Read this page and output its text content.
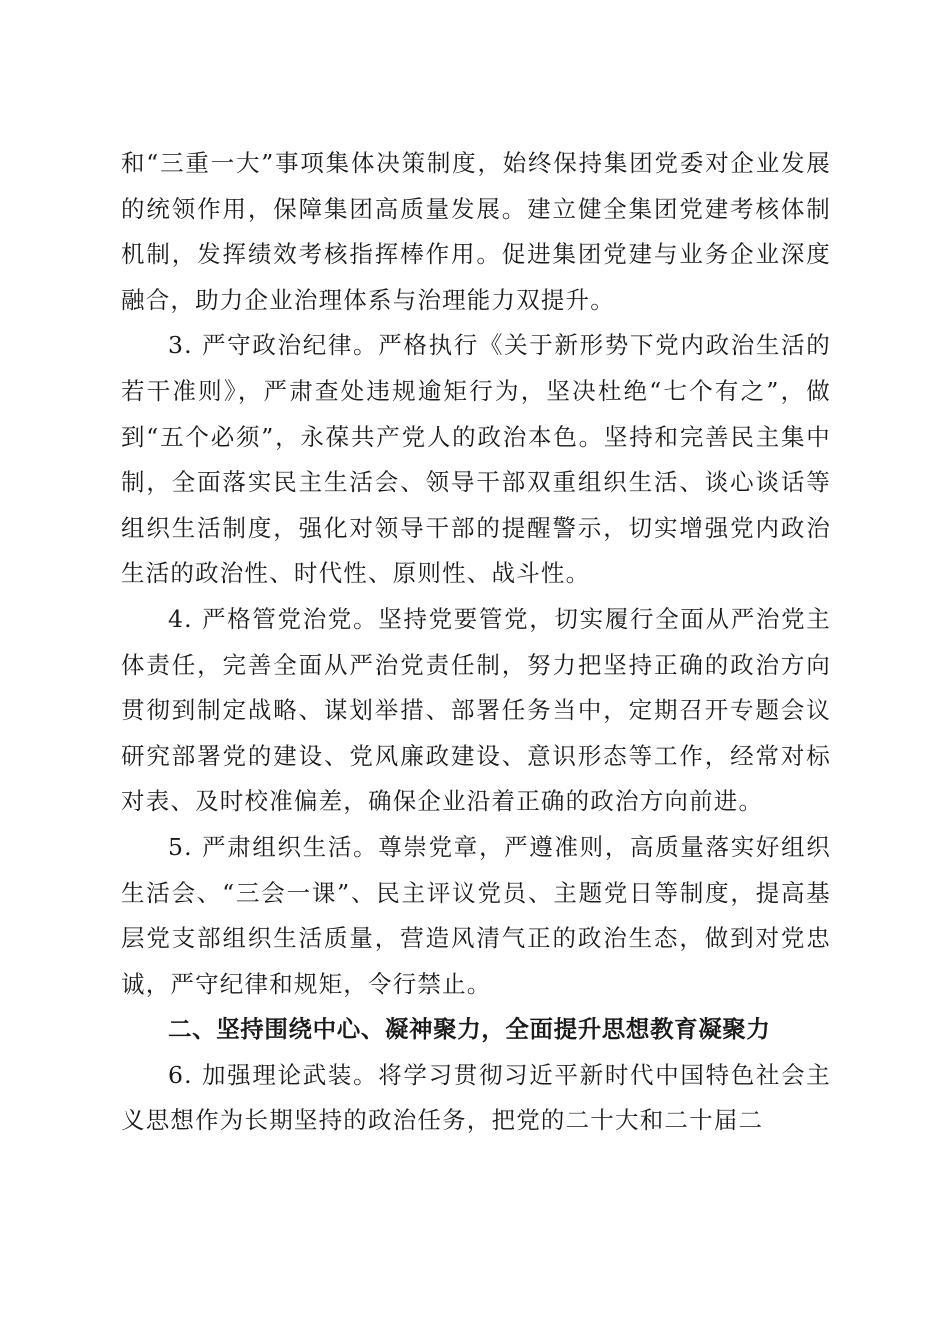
和“三重一大”事项集体决策制度，始终保持集团党委对企业发展的统领作用，保障集团高质量发展。建立健全集团党建考核体制机制，发挥绩效考核指挥棒作用。促进集团党建与业务企业深度融合，助力企业治理体系与治理能力双提升。

3. 严守政治纪律。严格执行《关于新形势下党内政治生活的若干准则》，严肃查处违规逾矩行为，坚决杜绝“七个有之”，做到“五个必须”，永葆共产党人的政治本色。坚持和完善民主集中制，全面落实民主生活会、领导干部双重组织生活、谈心谈话等组织生活制度，强化对领导干部的提醒警示，切实增强党内政治生活的政治性、时代性、原则性、战斗性。

4. 严格管党治党。坚持党要管党，切实履行全面从严治党主体责任，完善全面从严治党责任制，努力把坚持正确的政治方向贯彻到制定战略、谋划举措、部署任务当中，定期召开专题会议研究部署党的建设、党风廉政建设、意识形态等工作，经常对标对表、及时校准偏差，确保企业沿着正确的政治方向前进。

5. 严肃组织生活。尊崇党章，严遵准则，高质量落实好组织生活会、“三会一课”、民主评议党员、主题党日等制度，提高基层党支部组织生活质量，营造风清气正的政治生态，做到对党忠诚，严守纪律和规矩，令行禁止。

二、坚持围绕中心、凝神聚力，全面提升思想教育凝聚力

6. 加强理论武装。将学习贯彻习近平新时代中国特色社会主义思想作为长期坚持的政治任务，把党的二十大和二十届二
